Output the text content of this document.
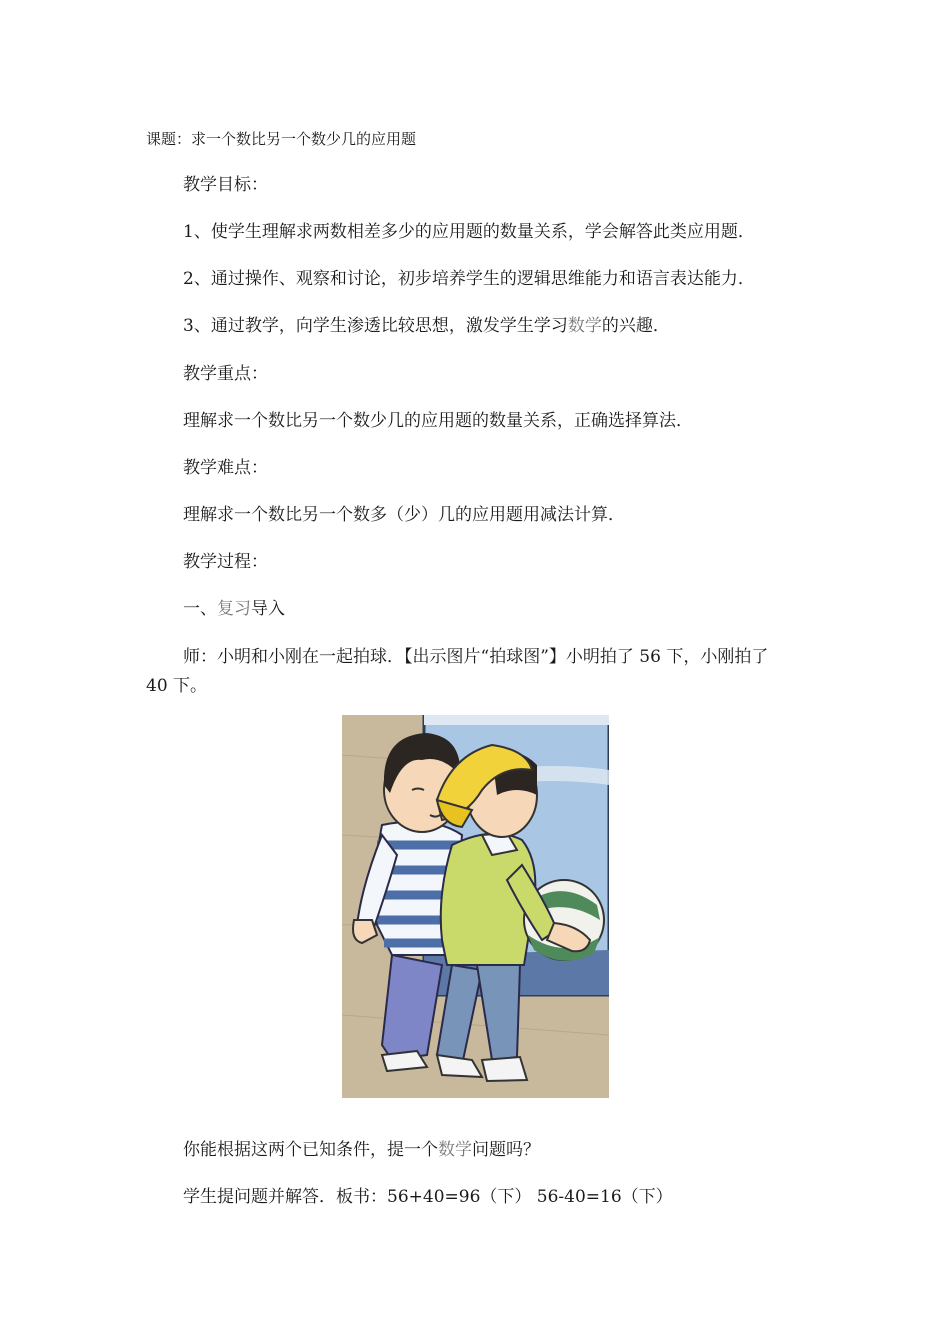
课题：求一个数比另一个数少几的应用题
教学目标：
1、使学生理解求两数相差多少的应用题的数量关系，学会解答此类应用题．
2、通过操作、观察和讨论，初步培养学生的逻辑思维能力和语言表达能力．
3、通过教学，向学生渗透比较思想，激发学生学习数学的兴趣．
教学重点：
理解求一个数比另一个数少几的应用题的数量关系，正确选择算法．
教学难点：
理解求一个数比另一个数多（少）几的应用题用减法计算．
教学过程：
一、复习导入
师：小明和小刚在一起拍球．【出示图片“拍球图”】小明拍了 56 下，小刚拍了 40 下。
你能根据这两个已知条件，提一个数学问题吗？
学生提问题并解答．板书：56+40=96（下） 56-40=16（下）
